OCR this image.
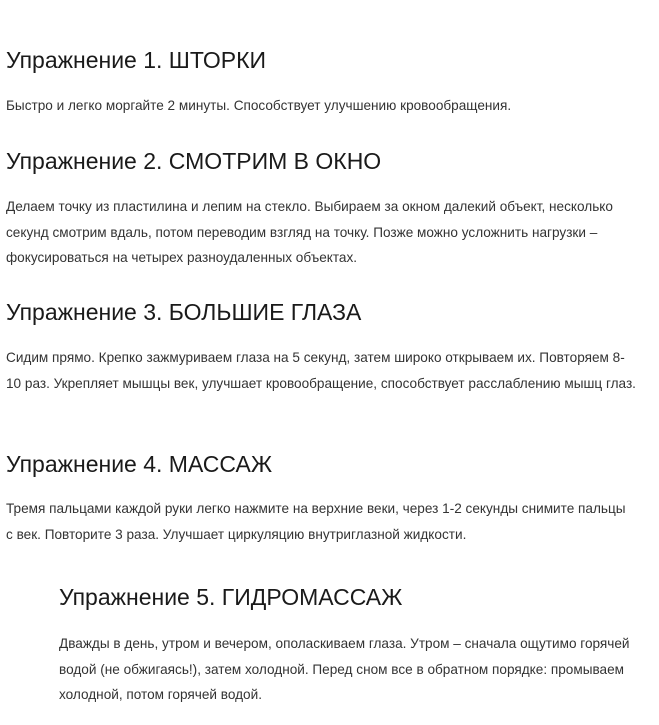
Упражнение 1. ШТОРКИ

Быстро и легко моргайте 2 минуты. Способствует улучшению кровообращения.

Упражнение 2. СМОТРИМ В ОКНО

Делаем точку из пластилина и лепим на стекло. Выбираем за окном далекий объект, несколько секунд смотрим вдаль, потом переводим взгляд на точку. Позже можно усложнить нагрузки – фокусироваться на четырех разноудаленных объектах.

Упражнение 3. БОЛЬШИЕ ГЛАЗА

Сидим прямо. Крепко зажмуриваем глаза на 5 секунд, затем широко открываем их. Повторяем 8-10 раз. Укрепляет мышцы век, улучшает кровообращение, способствует расслаблению мышц глаз.

Упражнение 4. МАССАЖ

Тремя пальцами каждой руки легко нажмите на верхние веки, через 1-2 секунды снимите пальцы с век. Повторите 3 раза. Улучшает циркуляцию внутриглазной жидкости.

Упражнение 5. ГИДРОМАССАЖ

Дважды в день, утром и вечером, ополаскиваем глаза. Утром – сначала ощутимо горячей водой (не обжигаясь!), затем холодной. Перед сном все в обратном порядке: промываем холодной, потом горячей водой.
